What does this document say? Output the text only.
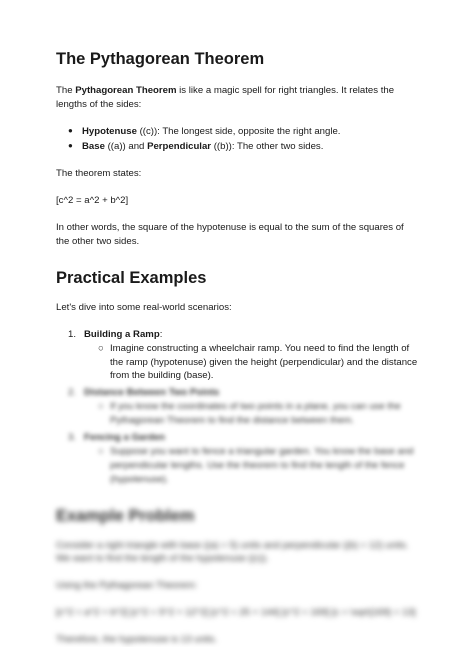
The Pythagorean Theorem

The Pythagorean Theorem is like a magic spell for right triangles. It relates the lengths of the sides:

● Hypotenuse ((c)): The longest side, opposite the right angle.
● Base ((a)) and Perpendicular ((b)): The other two sides.

The theorem states:

[c^2 = a^2 + b^2]

In other words, the square of the hypotenuse is equal to the sum of the squares of the other two sides.

Practical Examples

Let's dive into some real-world scenarios:

1. Building a Ramp:
○ Imagine constructing a wheelchair ramp. You need to find the length of the ramp (hypotenuse) given the height (perpendicular) and the distance from the building (base).
2. Distance Between Two Points
○ If you know the coordinates of two points in a plane, you can use the Pythagorean Theorem to find the distance between them.
3. Fencing a Garden
○ Suppose you want to fence a triangular garden. You know the base and perpendicular lengths. Use the theorem to find the length of the fence (hypotenuse).
Example Problem

Consider a right triangle with base ((a) = 5) units and perpendicular ((b) = 12) units. We want to find the length of the hypotenuse ((c)).

Using the Pythagorean Theorem:

[c^2 = a^2 + b^2] [c^2 = 5^2 + 12^2] [c^2 = 25 + 144] [c^2 = 169] [c = \sqrt{169} = 13]

Therefore, the hypotenuse is 13 units.
